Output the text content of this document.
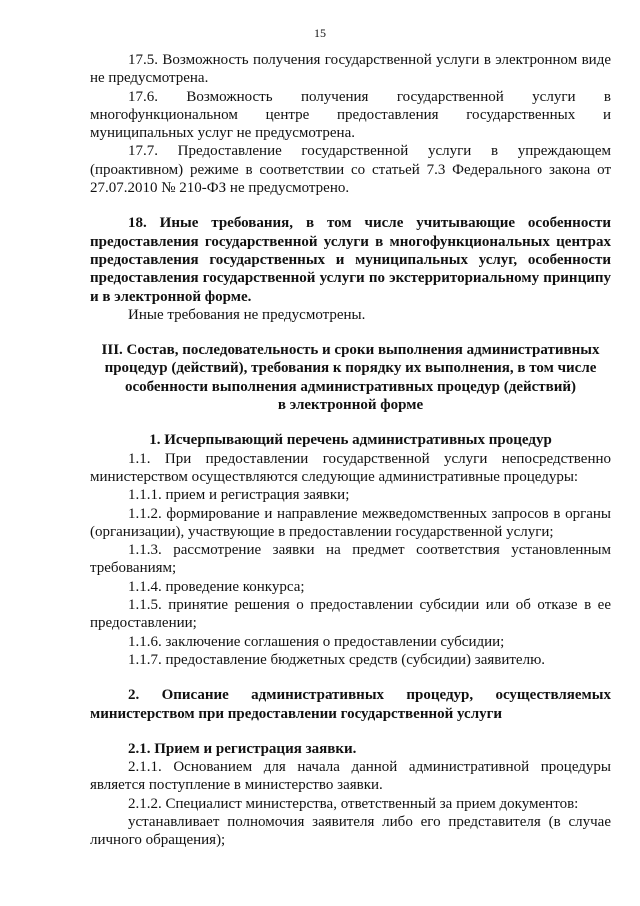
15

17.5. Возможность получения государственной услуги в электронном виде не предусмотрена.

17.6. Возможность получения государственной услуги в многофункциональном центре предоставления государственных и муниципальных услуг не предусмотрена.

17.7. Предоставление государственной услуги в упреждающем (проактивном) режиме в соответствии со статьей 7.3 Федерального закона от 27.07.2010 № 210-ФЗ не предусмотрено.

18. Иные требования, в том числе учитывающие особенности предоставления государственной услуги в многофункциональных центрах предоставления государственных и муниципальных услуг, особенности предоставления государственной услуги по экстерриториальному принципу и в электронной форме.

Иные требования не предусмотрены.

III. Состав, последовательность и сроки выполнения административных

процедур (действий), требования к порядку их выполнения, в том числе

особенности выполнения административных процедур (действий)

в электронной форме

1. Исчерпывающий перечень административных процедур

1.1. При предоставлении государственной услуги непосредственно министерством осуществляются следующие административные процедуры:

1.1.1. прием и регистрация заявки;

1.1.2. формирование и направление межведомственных запросов в органы (организации), участвующие в предоставлении государственной услуги;

1.1.3. рассмотрение заявки на предмет соответствия установленным требованиям;

1.1.4. проведение конкурса;

1.1.5. принятие решения о предоставлении субсидии или об отказе в ее предоставлении;

1.1.6. заключение соглашения о предоставлении субсидии;

1.1.7. предоставление бюджетных средств (субсидии) заявителю.

2. Описание административных процедур, осуществляемых министерством при предоставлении государственной услуги

2.1. Прием и регистрация заявки.

2.1.1. Основанием для начала данной административной процедуры является поступление в министерство заявки.

2.1.2. Специалист министерства, ответственный за прием документов:

устанавливает полномочия заявителя либо его представителя (в случае личного обращения);
